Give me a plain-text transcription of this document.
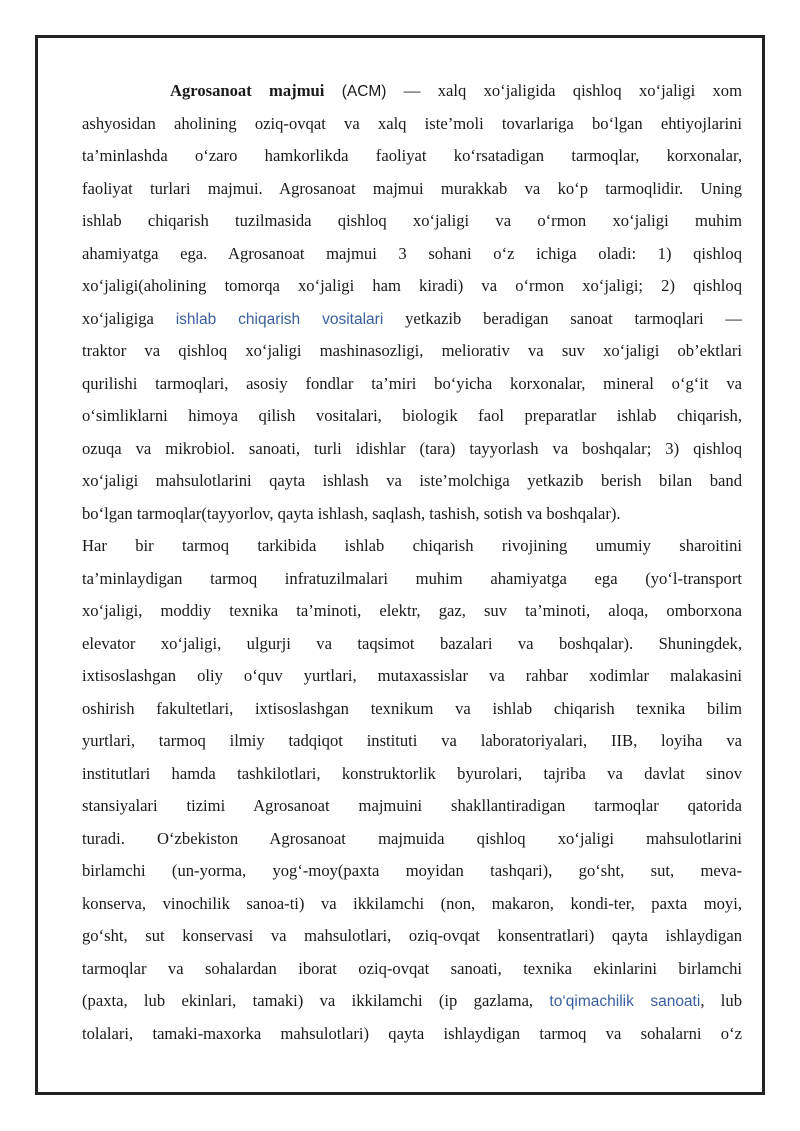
Agrosanoat majmui (ACM) — xalq xo‘jaligida qishloq xo‘jaligi xom
ashyosidan aholining oziq-ovqat va xalq iste’moli tovarlariga bo‘lgan ehtiyojlarini
ta’minlashda o‘zaro hamkorlikda faoliyat ko‘rsatadigan tarmoqlar, korxonalar,
faoliyat turlari majmui. Agrosanoat majmui murakkab va ko‘p tarmoqlidir. Uning
ishlab chiqarish tuzilmasida qishloq xo‘jaligi va o‘rmon xo‘jaligi muhim
ahamiyatga ega. Agrosanoat majmui 3 sohani o‘z ichiga oladi: 1) qishloq
xo‘jaligi(aholining tomorqa xo‘jaligi ham kiradi) va o‘rmon xo‘jaligi; 2) qishloq
xo‘jaligiga ishlab chiqarish vositalari yetkazib beradigan sanoat tarmoqlari —
traktor va qishloq xo‘jaligi mashinasozligi, meliorativ va suv xo‘jaligi ob’ektlari
qurilishi tarmoqlari, asosiy fondlar ta’miri bo‘yicha korxonalar, mineral o‘g‘it va
o‘simliklarni himoya qilish vositalari, biologik faol preparatlar ishlab chiqarish,
ozuqa va mikrobiol. sanoati, turli idishlar (tara) tayyorlash va boshqalar; 3) qishloq
xo‘jaligi mahsulotlarini qayta ishlash va iste’molchiga yetkazib berish bilan band
bo‘lgan tarmoqlar(tayyorlov, qayta ishlash, saqlash, tashish, sotish va boshqalar).
Har bir tarmoq tarkibida ishlab chiqarish rivojining umumiy sharoitini
ta’minlaydigan tarmoq infratuzilmalari muhim ahamiyatga ega (yo‘l-transport
xo‘jaligi, moddiy texnika ta’minoti, elektr, gaz, suv ta’minoti, aloqa, omborxona
elevator xo‘jaligi, ulgurji va taqsimot bazalari va boshqalar). Shuningdek,
ixtisoslashgan oliy o‘quv yurtlari, mutaxassislar va rahbar xodimlar malakasini
oshirish fakultetlari, ixtisoslashgan texnikum va ishlab chiqarish texnika bilim
yurtlari, tarmoq ilmiy tadqiqot instituti va laboratoriyalari, IIB, loyiha va
institutlari hamda tashkilotlari, konstruktorlik byurolari, tajriba va davlat sinov
stansiyalari tizimi Agrosanoat majmuini shakllantiradigan tarmoqlar qatorida
turadi. O‘zbekiston Agrosanoat majmuida qishloq xo‘jaligi mahsulotlarini
birlamchi (un-yorma, yog‘-moy(paxta moyidan tashqari), go‘sht, sut, meva-
konserva, vinochilik sanoa-ti) va ikkilamchi (non, makaron, kondi-ter, paxta moyi,
go‘sht, sut konservasi va mahsulotlari, oziq-ovqat konsentratlari) qayta ishlaydigan
tarmoqlar va sohalardan iborat oziq-ovqat sanoati, texnika ekinlarini birlamchi
(paxta, lub ekinlari, tamaki) va ikkilamchi (ip gazlama, to‘qimachilik sanoati, lub
tolalari, tamaki-maxorka mahsulotlari) qayta ishlaydigan tarmoq va sohalarni o‘z
